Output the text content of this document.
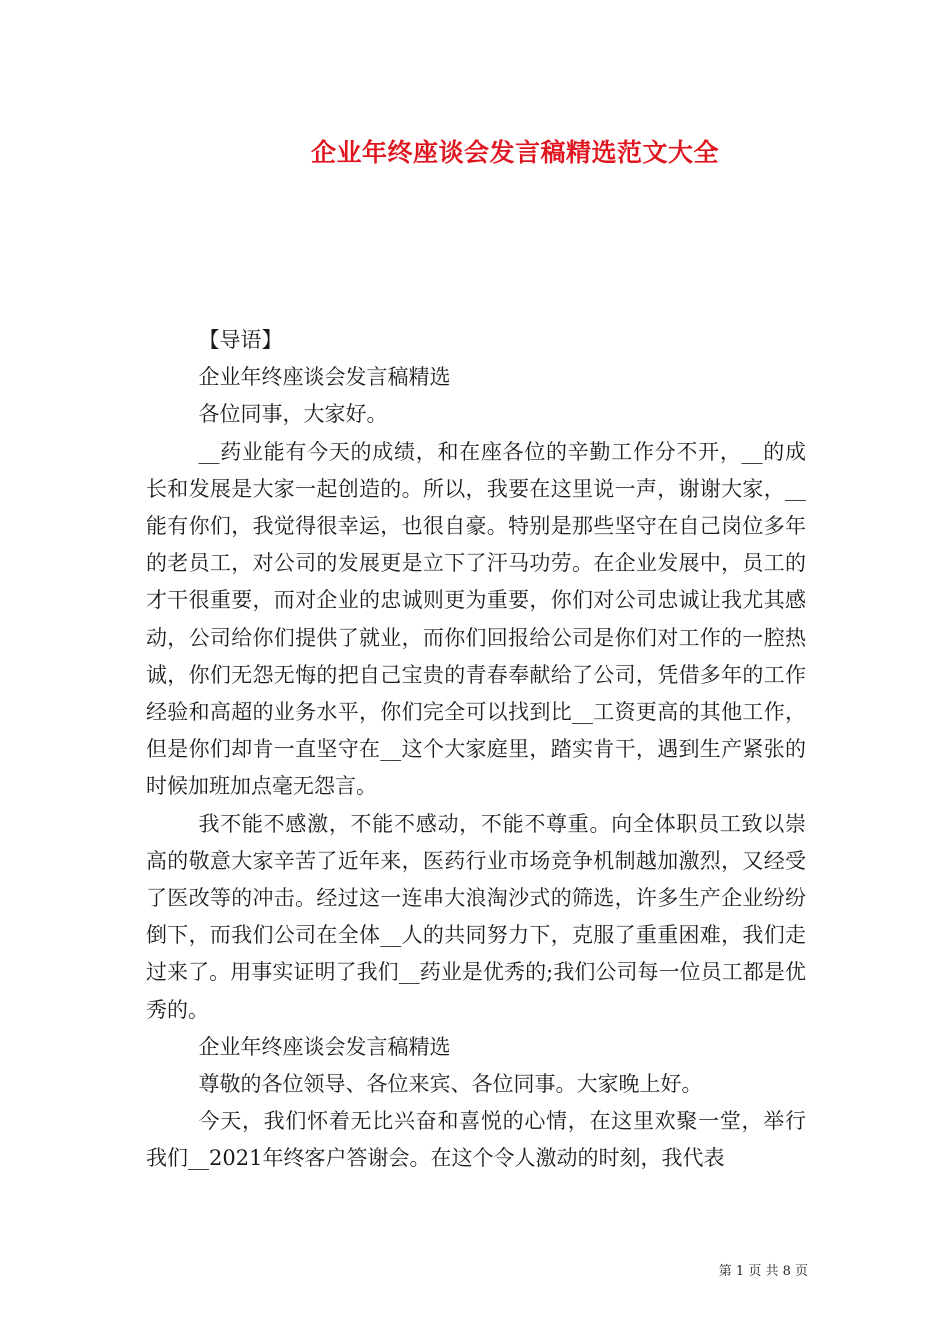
企业年终座谈会发言稿精选范文大全

【导语】

企业年终座谈会发言稿精选

各位同事，大家好。

__药业能有今天的成绩，和在座各位的辛勤工作分不开，__的成长和发展是大家一起创造的。所以，我要在这里说一声，谢谢大家，__能有你们，我觉得很幸运，也很自豪。特别是那些坚守在自己岗位多年的老员工，对公司的发展更是立下了汗马功劳。在企业发展中，员工的才干很重要，而对企业的忠诚则更为重要，你们对公司忠诚让我尤其感动，公司给你们提供了就业，而你们回报给公司是你们对工作的一腔热诚，你们无怨无悔的把自己宝贵的青春奉献给了公司，凭借多年的工作经验和高超的业务水平，你们完全可以找到比__工资更高的其他工作，但是你们却肯一直坚守在__这个大家庭里，踏实肯干，遇到生产紧张的时候加班加点毫无怨言。

我不能不感激，不能不感动，不能不尊重。向全体职员工致以崇高的敬意大家辛苦了近年来，医药行业市场竞争机制越加激烈，又经受了医改等的冲击。经过这一连串大浪淘沙式的筛选，许多生产企业纷纷倒下，而我们公司在全体__人的共同努力下，克服了重重困难，我们走过来了。用事实证明了我们__药业是优秀的;我们公司每一位员工都是优秀的。

企业年终座谈会发言稿精选

尊敬的各位领导、各位来宾、各位同事。大家晚上好。

今天，我们怀着无比兴奋和喜悦的心情，在这里欢聚一堂，举行我们__2021年终客户答谢会。在这个令人激动的时刻，我代表

第 1 页 共 8 页
